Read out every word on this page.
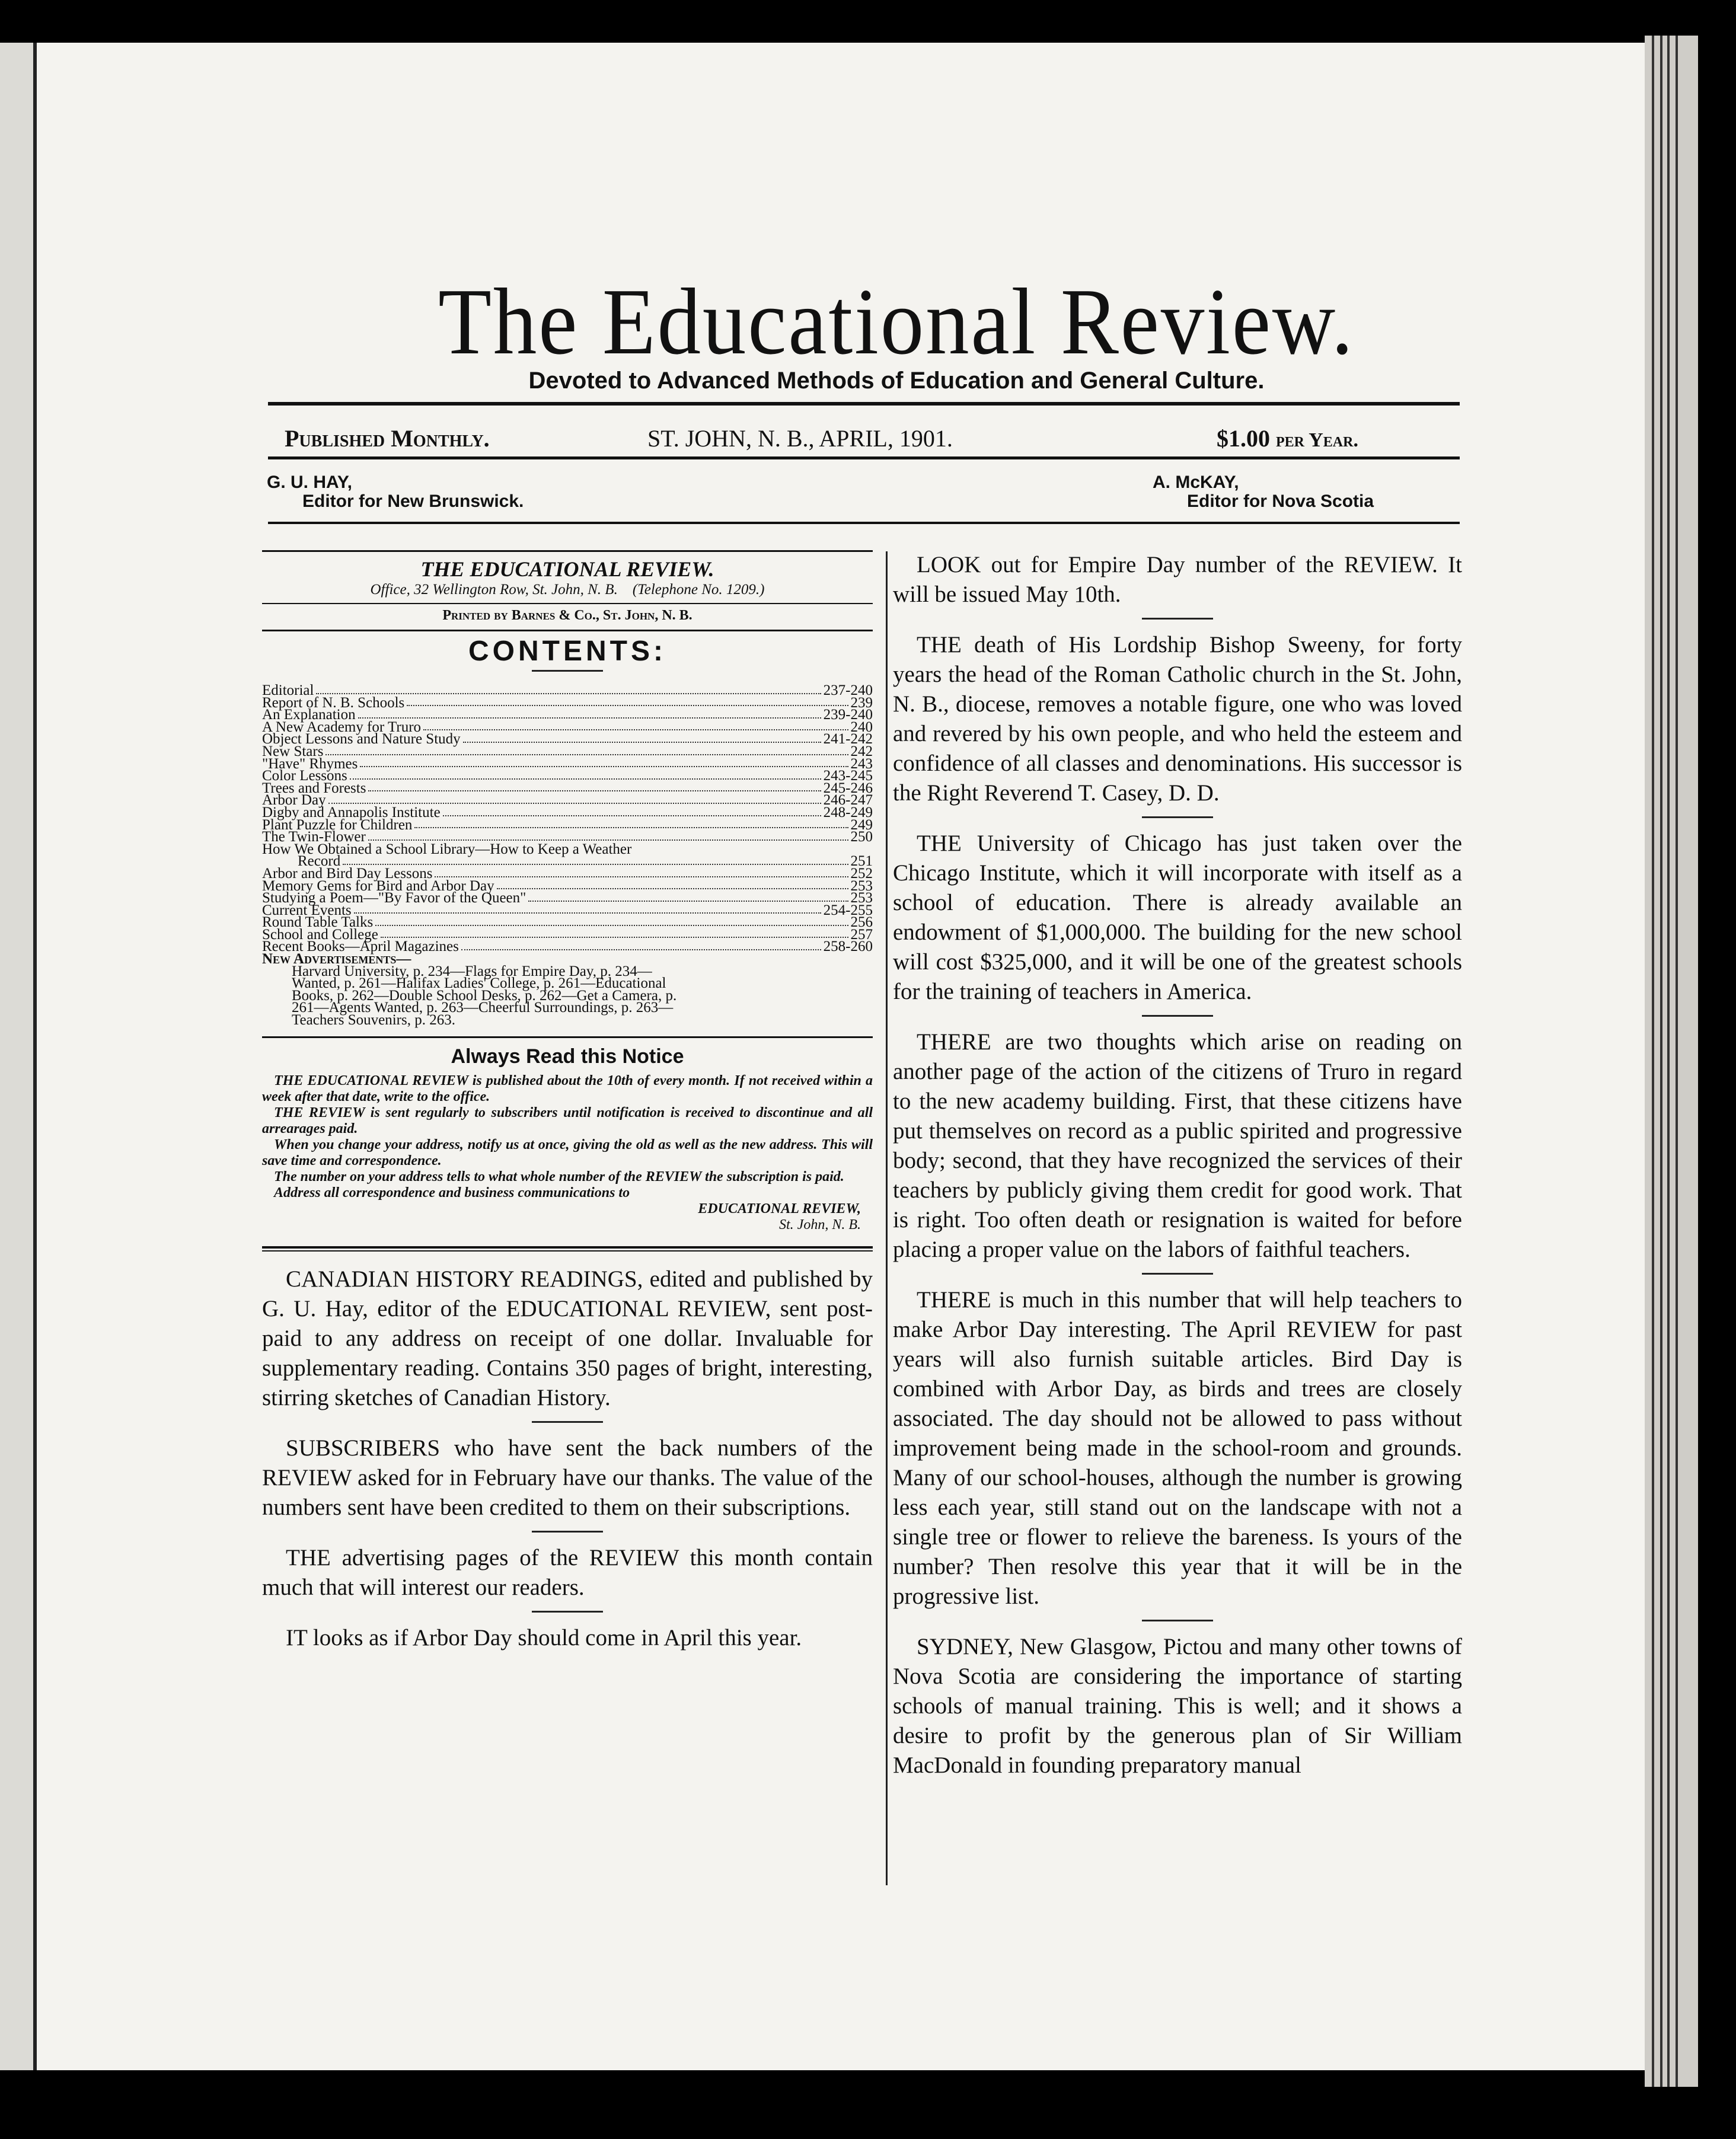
The Educational Review.
Devoted to Advanced Methods of Education and General Culture.
Published Monthly.	ST. JOHN, N. B., APRIL, 1901.	$1.00 per Year.
G. U. HAY,
Editor for New Brunswick.
A. McKAY,
Editor for Nova Scotia
THE EDUCATIONAL REVIEW.
Office, 32 Wellington Row, St. John, N. B. (Telephone No. 1209.)
Printed by Barnes & Co., St. John, N. B.
CONTENTS:
Editorial	237-240
Report of N. B. Schools	239
An Explanation	239-240
A New Academy for Truro	240
Object Lessons and Nature Study	241-242
New Stars	242
"Have" Rhymes	243
Color Lessons	243-245
Trees and Forests	245-246
Arbor Day	246-247
Digby and Annapolis Institute	248-249
Plant Puzzle for Children	249
The Twin-Flower	250
How We Obtained a School Library—How to Keep a Weather
Record	251
Arbor and Bird Day Lessons	252
Memory Gems for Bird and Arbor Day	253
Studying a Poem—"By Favor of the Queen"	253
Current Events	254-255
Round Table Talks	256
School and College	257
Recent Books—April Magazines	258-260
New Advertisements—
Harvard University, p. 234—Flags for Empire Day, p. 234—
Wanted, p. 261—Halifax Ladies' College, p. 261—Educational
Books, p. 262—Double School Desks, p. 262—Get a Camera, p.
261—Agents Wanted, p. 263—Cheerful Surroundings, p. 263—
Teachers Souvenirs, p. 263.
Always Read this Notice

THE EDUCATIONAL REVIEW is published about the 10th of every month. If not received within a week after that date, write to the office.

THE REVIEW is sent regularly to subscribers until notification is received to discontinue and all arrearages paid.

When you change your address, notify us at once, giving the old as well as the new address. This will save time and correspondence.

The number on your address tells to what whole number of the REVIEW the subscription is paid.

Address all correspondence and business communications to

EDUCATIONAL REVIEW,

St. John, N. B.

CANADIAN HISTORY READINGS, edited and published by G. U. Hay, editor of the EDUCATIONAL REVIEW, sent post-paid to any address on receipt of one dollar. Invaluable for supplementary reading. Contains 350 pages of bright, interesting, stirring sketches of Canadian History.

SUBSCRIBERS who have sent the back numbers of the REVIEW asked for in February have our thanks. The value of the numbers sent have been credited to them on their subscriptions.

THE advertising pages of the REVIEW this month contain much that will interest our readers.

IT looks as if Arbor Day should come in April this year.

LOOK out for Empire Day number of the REVIEW. It will be issued May 10th.

THE death of His Lordship Bishop Sweeny, for forty years the head of the Roman Catholic church in the St. John, N. B., diocese, removes a notable figure, one who was loved and revered by his own people, and who held the esteem and confidence of all classes and denominations. His successor is the Right Reverend T. Casey, D. D.

THE University of Chicago has just taken over the Chicago Institute, which it will incorporate with itself as a school of education. There is already available an endowment of $1,000,000. The building for the new school will cost $325,000, and it will be one of the greatest schools for the training of teachers in America.

THERE are two thoughts which arise on reading on another page of the action of the citizens of Truro in regard to the new academy building. First, that these citizens have put themselves on record as a public spirited and progressive body; second, that they have recognized the services of their teachers by publicly giving them credit for good work. That is right. Too often death or resignation is waited for before placing a proper value on the labors of faithful teachers.

THERE is much in this number that will help teachers to make Arbor Day interesting. The April REVIEW for past years will also furnish suitable articles. Bird Day is combined with Arbor Day, as birds and trees are closely associated. The day should not be allowed to pass without improvement being made in the school-room and grounds. Many of our school-houses, although the number is growing less each year, still stand out on the landscape with not a single tree or flower to relieve the bareness. Is yours of the number? Then resolve this year that it will be in the progressive list.

SYDNEY, New Glasgow, Pictou and many other towns of Nova Scotia are considering the importance of starting schools of manual training. This is well; and it shows a desire to profit by the generous plan of Sir William MacDonald in founding preparatory manual
